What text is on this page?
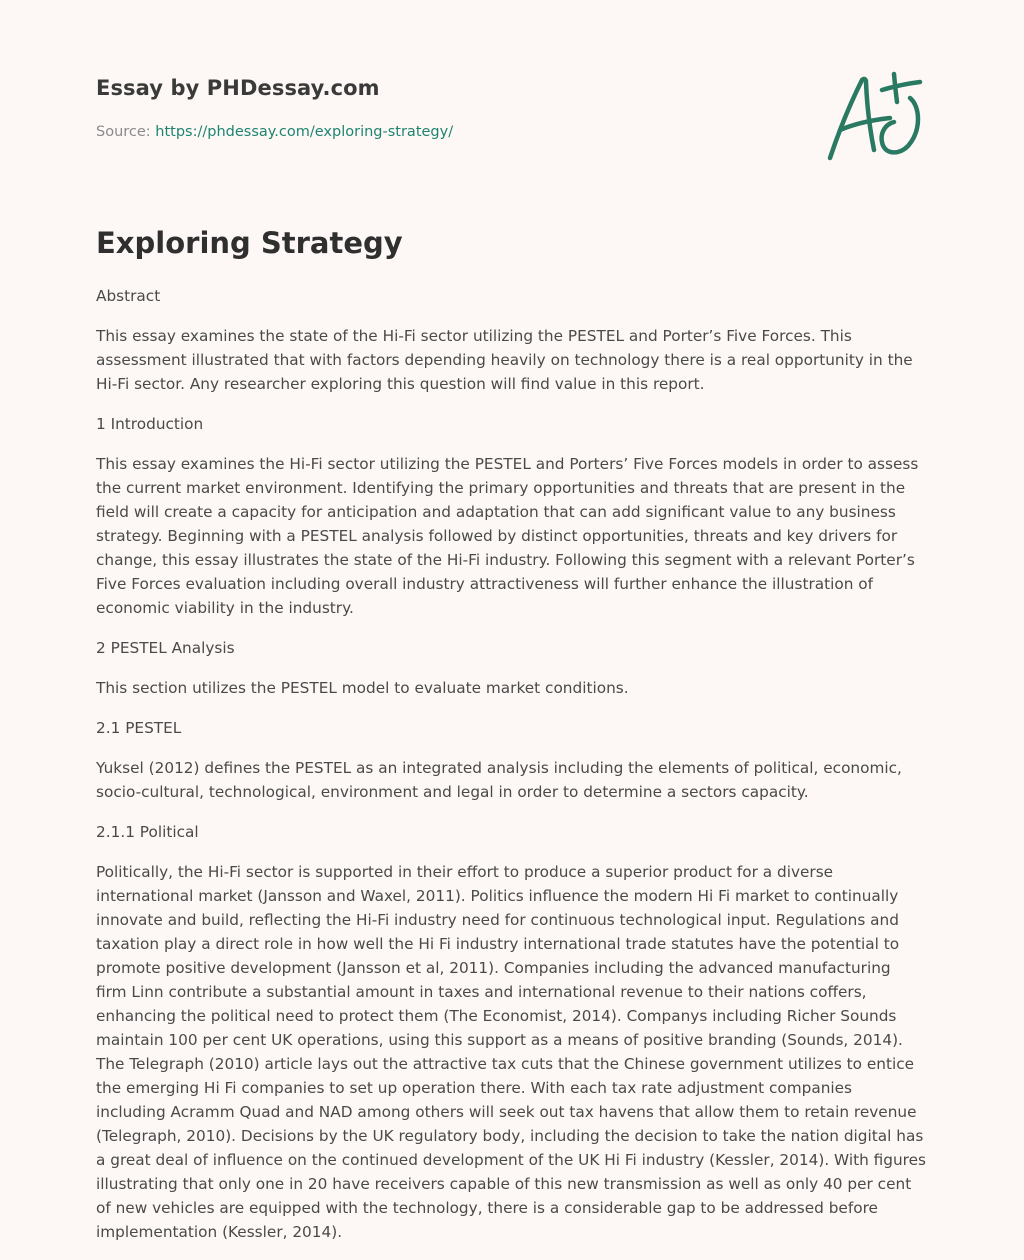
Essay by PHDessay.com
Source: https://phdessay.com/exploring-strategy/
Exploring Strategy

Abstract

This essay examines the state of the Hi-Fi sector utilizing the PESTEL and Porter’s Five Forces. This assessment illustrated that with factors depending heavily on technology there is a real opportunity in the Hi-Fi sector. Any researcher exploring this question will find value in this report.

1 Introduction

This essay examines the Hi-Fi sector utilizing the PESTEL and Porters’ Five Forces models in order to assess the current market environment. Identifying the primary opportunities and threats that are present in the field will create a capacity for anticipation and adaptation that can add significant value to any business strategy. Beginning with a PESTEL analysis followed by distinct opportunities, threats and key drivers for change, this essay illustrates the state of the Hi-Fi industry. Following this segment with a relevant Porter’s Five Forces evaluation including overall industry attractiveness will further enhance the illustration of economic viability in the industry.

2 PESTEL Analysis

This section utilizes the PESTEL model to evaluate market conditions.

2.1 PESTEL

Yuksel (2012) defines the PESTEL as an integrated analysis including the elements of political, economic, socio-cultural, technological, environment and legal in order to determine a sectors capacity.

2.1.1 Political

Politically, the Hi-Fi sector is supported in their effort to produce a superior product for a diverse international market (Jansson and Waxel, 2011). Politics influence the modern Hi Fi market to continually innovate and build, reflecting the Hi-Fi industry need for continuous technological input. Regulations and taxation play a direct role in how well the Hi Fi industry international trade statutes have the potential to promote positive development (Jansson et al, 2011). Companies including the advanced manufacturing firm Linn contribute a substantial amount in taxes and international revenue to their nations coffers, enhancing the political need to protect them (The Economist, 2014). Companys including Richer Sounds maintain 100 per cent UK operations, using this support as a means of positive branding (Sounds, 2014). The Telegraph (2010) article lays out the attractive tax cuts that the Chinese government utilizes to entice the emerging Hi Fi companies to set up operation there. With each tax rate adjustment companies including Acramm Quad and NAD among others will seek out tax havens that allow them to retain revenue (Telegraph, 2010). Decisions by the UK regulatory body, including the decision to take the nation digital has a great deal of influence on the continued development of the UK Hi Fi industry (Kessler, 2014). With figures illustrating that only one in 20 have receivers capable of this new transmission as well as only 40 per cent of new vehicles are equipped with the technology, there is a considerable gap to be addressed before implementation (Kessler, 2014).
